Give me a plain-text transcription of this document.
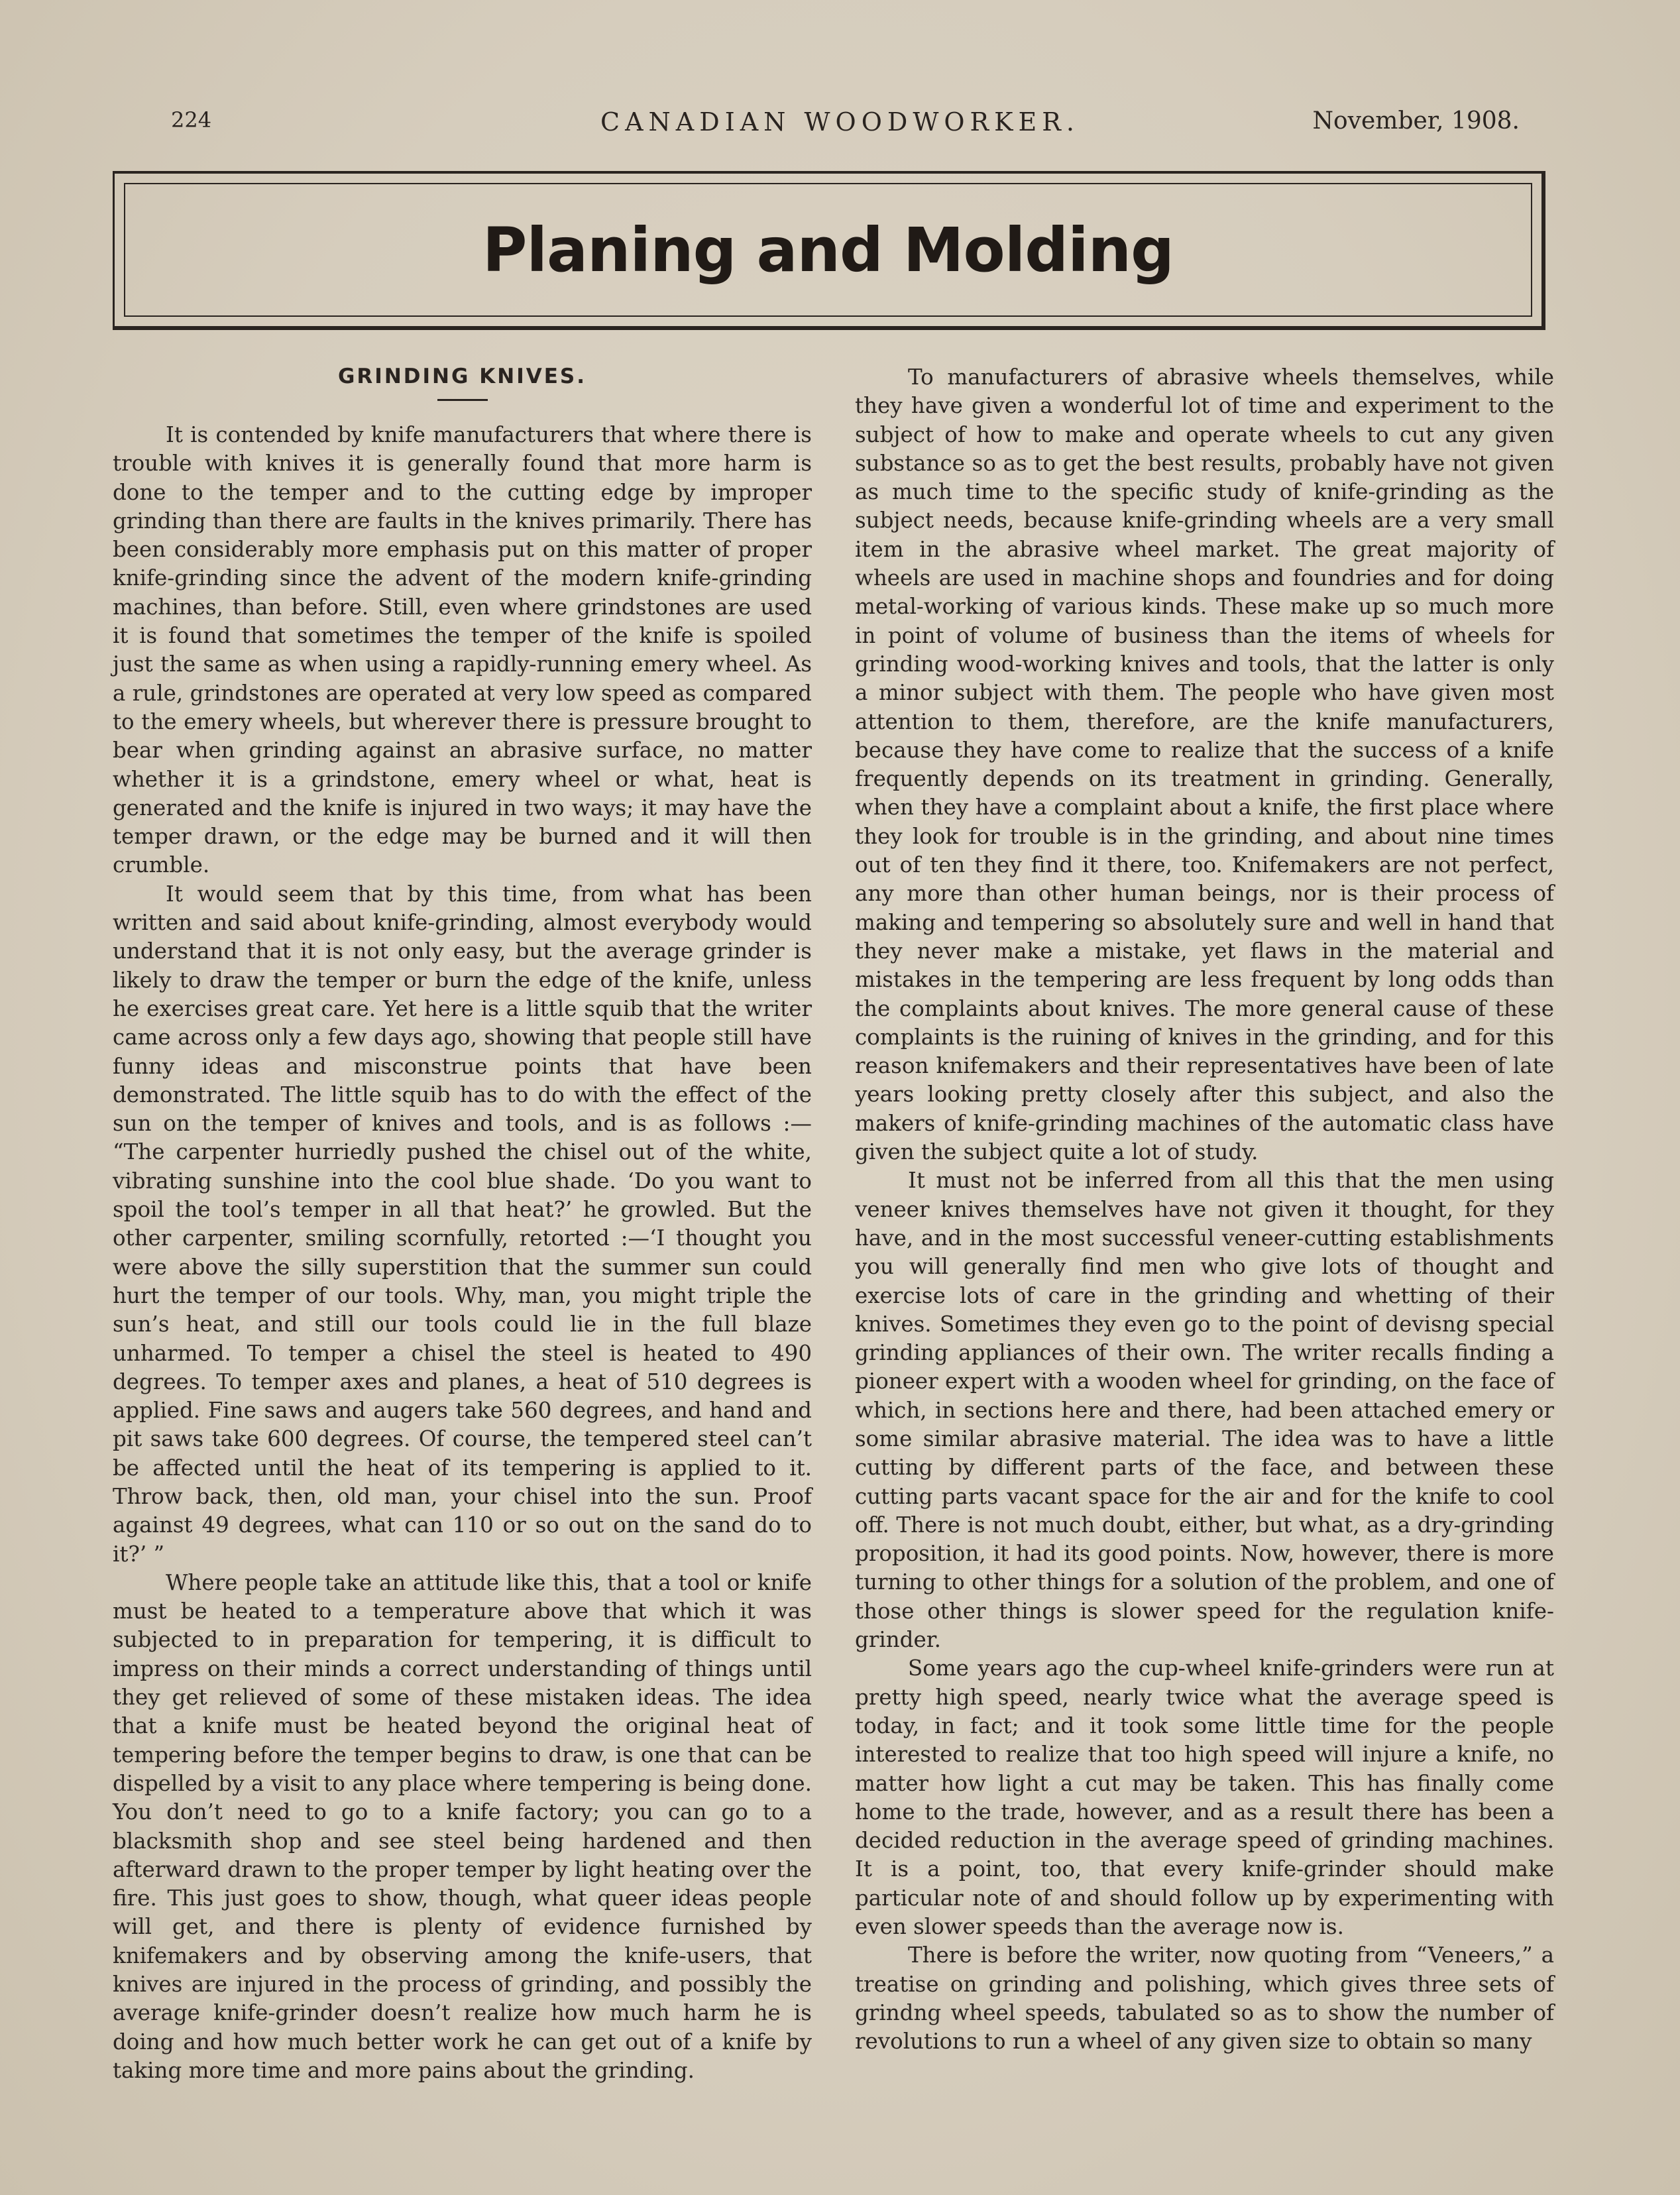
224	CANADIAN WOODWORKER.	November, 1908.
Planing and Molding
GRINDING KNIVES.

It is contended by knife manufacturers that where there is trouble with knives it is generally found that more harm is done to the temper and to the cutting edge by improper grinding than there are faults in the knives primarily. There has been considerably more emphasis put on this matter of proper knife-grinding since the advent of the modern knife-grinding machines, than before. Still, even where grindstones are used it is found that sometimes the temper of the knife is spoiled just the same as when using a rapidly-running emery wheel. As a rule, grindstones are operated at very low speed as compared to the emery wheels, but wherever there is pressure brought to bear when grinding against an abrasive surface, no matter whether it is a grindstone, emery wheel or what, heat is generated and the knife is injured in two ways; it may have the temper drawn, or the edge may be burned and it will then crumble.

It would seem that by this time, from what has been written and said about knife-grinding, almost everybody would understand that it is not only easy, but the average grinder is likely to draw the temper or burn the edge of the knife, unless he exercises great care. Yet here is a little squib that the writer came across only a few days ago, showing that people still have funny ideas and misconstrue points that have been demonstrated. The little squib has to do with the effect of the sun on the temper of knives and tools, and is as follows :— “The carpenter hurriedly pushed the chisel out of the white, vibrating sunshine into the cool blue shade. ‘Do you want to spoil the tool’s temper in all that heat?’ he growled. But the other carpenter, smiling scornfully, retorted :—‘I thought you were above the silly superstition that the summer sun could hurt the temper of our tools. Why, man, you might triple the sun’s heat, and still our tools could lie in the full blaze unharmed. To temper a chisel the steel is heated to 490 degrees. To temper axes and planes, a heat of 510 degrees is applied. Fine saws and augers take 560 degrees, and hand and pit saws take 600 degrees. Of course, the tempered steel can’t be affected until the heat of its tempering is applied to it. Throw back, then, old man, your chisel into the sun. Proof against 49 degrees, what can 110 or so out on the sand do to it?’ ”

Where people take an attitude like this, that a tool or knife must be heated to a temperature above that which it was subjected to in preparation for tempering, it is difficult to impress on their minds a correct understanding of things until they get relieved of some of these mistaken ideas. The idea that a knife must be heated beyond the original heat of tempering before the temper begins to draw, is one that can be dispelled by a visit to any place where tempering is being done. You don’t need to go to a knife factory; you can go to a blacksmith shop and see steel being hardened and then afterward drawn to the proper temper by light heating over the fire. This just goes to show, though, what queer ideas people will get, and there is plenty of evidence furnished by knifemakers and by observing among the knife-users, that knives are injured in the process of grinding, and possibly the average knife-grinder doesn’t realize how much harm he is doing and how much better work he can get out of a knife by taking more time and more pains about the grinding.

To manufacturers of abrasive wheels themselves, while they have given a wonderful lot of time and experiment to the subject of how to make and operate wheels to cut any given substance so as to get the best results, probably have not given as much time to the specific study of knife-grinding as the subject needs, because knife-grinding wheels are a very small item in the abrasive wheel market. The great majority of wheels are used in machine shops and foundries and for doing metal-working of various kinds. These make up so much more in point of volume of business than the items of wheels for grinding wood-working knives and tools, that the latter is only a minor subject with them. The people who have given most attention to them, therefore, are the knife manufacturers, because they have come to realize that the success of a knife frequently depends on its treatment in grinding. Generally, when they have a complaint about a knife, the first place where they look for trouble is in the grinding, and about nine times out of ten they find it there, too. Knifemakers are not perfect, any more than other human beings, nor is their process of making and tempering so absolutely sure and well in hand that they never make a mistake, yet flaws in the material and mistakes in the tempering are less frequent by long odds than the complaints about knives. The more general cause of these complaints is the ruining of knives in the grinding, and for this reason knifemakers and their representatives have been of late years looking pretty closely after this subject, and also the makers of knife-grinding machines of the automatic class have given the subject quite a lot of study.

It must not be inferred from all this that the men using veneer knives themselves have not given it thought, for they have, and in the most successful veneer-cutting establishments you will generally find men who give lots of thought and exercise lots of care in the grinding and whetting of their knives. Sometimes they even go to the point of devisng special grinding appliances of their own. The writer recalls finding a pioneer expert with a wooden wheel for grinding, on the face of which, in sections here and there, had been attached emery or some similar abrasive material. The idea was to have a little cutting by different parts of the face, and between these cutting parts vacant space for the air and for the knife to cool off. There is not much doubt, either, but what, as a dry-grinding proposition, it had its good points. Now, however, there is more turning to other things for a solution of the problem, and one of those other things is slower speed for the regulation knife-grinder.

Some years ago the cup-wheel knife-grinders were run at pretty high speed, nearly twice what the average speed is today, in fact; and it took some little time for the people interested to realize that too high speed will injure a knife, no matter how light a cut may be taken. This has finally come home to the trade, however, and as a result there has been a decided reduction in the average speed of grinding machines. It is a point, too, that every knife-grinder should make particular note of and should follow up by experimenting with even slower speeds than the average now is.

There is before the writer, now quoting from “Veneers,” a treatise on grinding and polishing, which gives three sets of grindng wheel speeds, tabulated so as to show the number of revolutions to run a wheel of any given size to obtain so many
